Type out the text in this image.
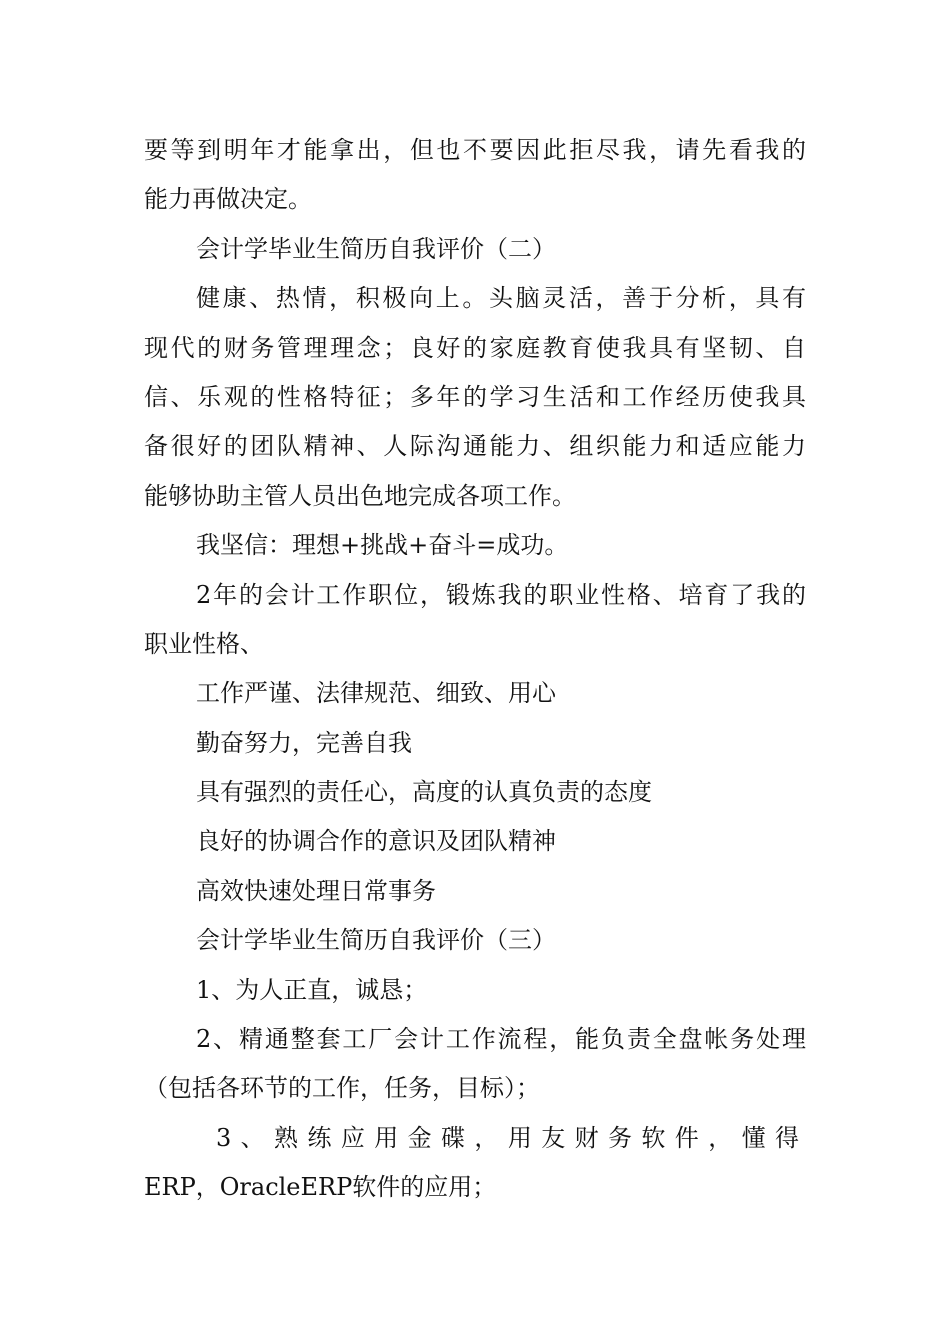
要等到明年才能拿出，但也不要因此拒尽我，请先看我的
能力再做决定。
会计学毕业生简历自我评价（二）
健康、热情，积极向上。头脑灵活，善于分析，具有
现代的财务管理理念；良好的家庭教育使我具有坚韧、自
信、乐观的性格特征；多年的学习生活和工作经历使我具
备很好的团队精神、人际沟通能力、组织能力和适应能力
能够协助主管人员出色地完成各项工作。
我坚信：理想+挑战+奋斗=成功。
2年的会计工作职位，锻炼我的职业性格、培育了我的
职业性格、
工作严谨、法律规范、细致、用心
勤奋努力，完善自我
具有强烈的责任心，高度的认真负责的态度
良好的协调合作的意识及团队精神
高效快速处理日常事务
会计学毕业生简历自我评价（三）
1、为人正直，诚恳；
2、精通整套工厂会计工作流程，能负责全盘帐务处理
（包括各环节的工作，任务，目标）；
3、熟练应用金碟，用友财务软件，懂得
ERP，OracleERP软件的应用；
